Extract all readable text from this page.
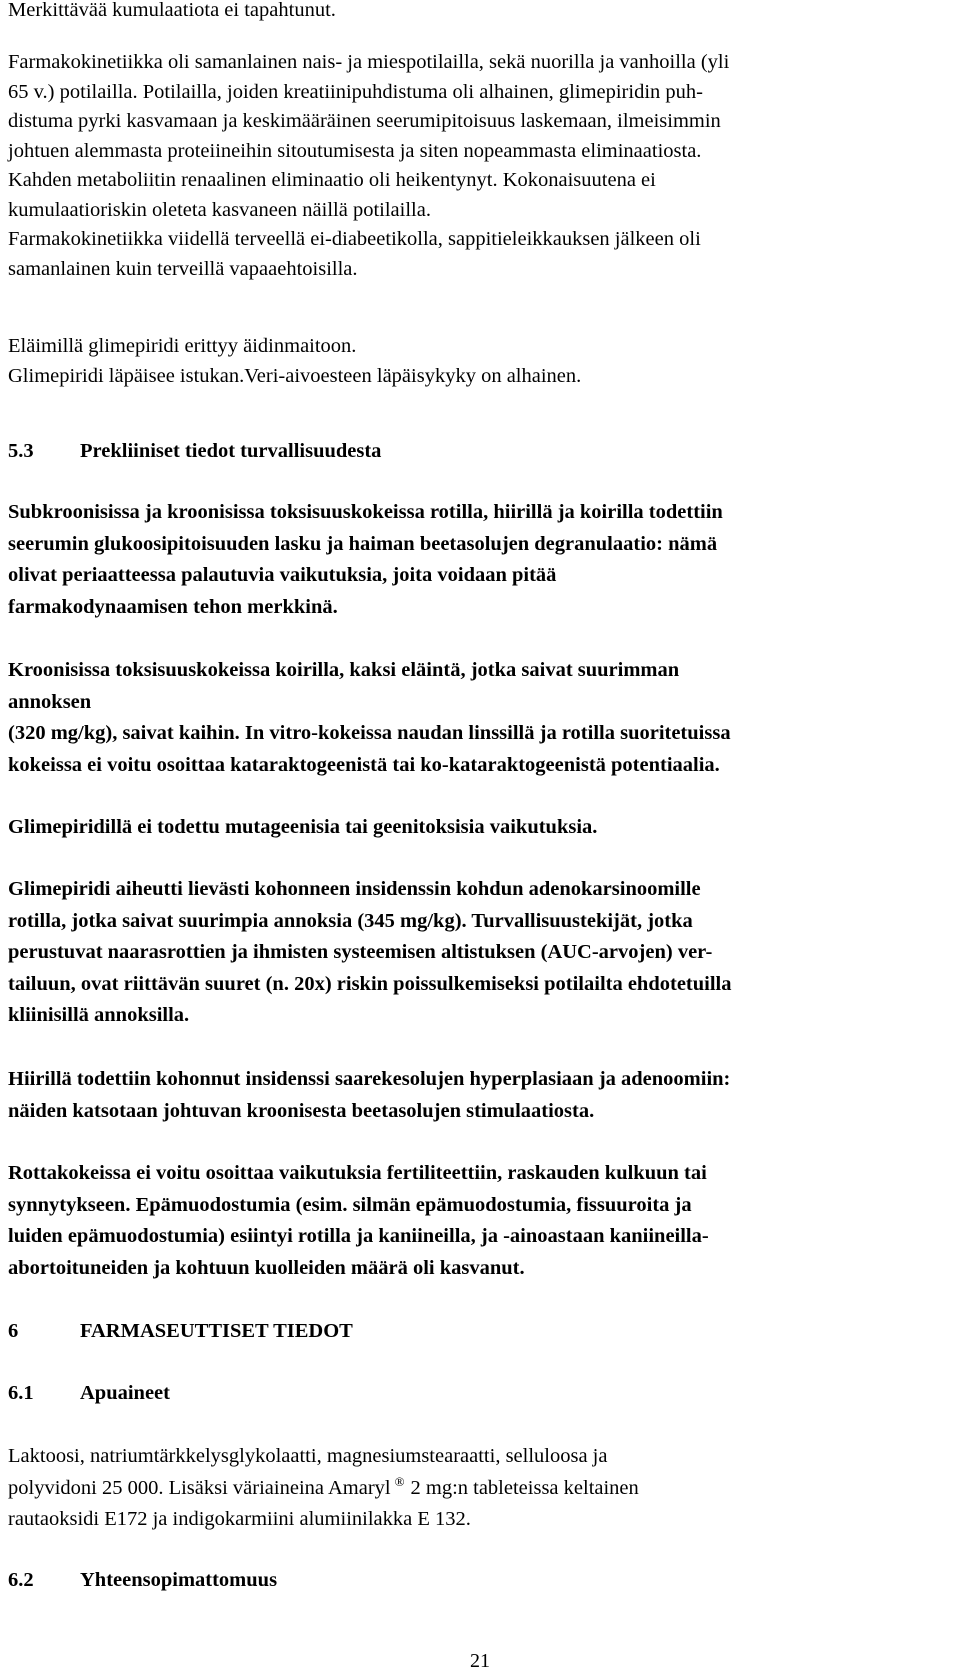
Merkittävää kumulaatiota ei tapahtunut.

Farmakokinetiikka oli samanlainen nais- ja miespotilailla, sekä nuorilla ja vanhoilla (yli

65 v.) potilailla. Potilailla, joiden kreatiinipuhdistuma oli alhainen, glimepiridin puh-

distuma pyrki kasvamaan ja keskimääräinen seerumipitoisuus laskemaan, ilmeisimmin

johtuen alemmasta proteiineihin sitoutumisesta ja siten nopeammasta eliminaatiosta.

Kahden metaboliitin renaalinen eliminaatio oli heikentynyt. Kokonaisuutena ei

kumulaatioriskin oleteta kasvaneen näillä potilailla.

Farmakokinetiikka viidellä terveellä ei-diabeetikolla, sappitieleikkauksen jälkeen oli

samanlainen kuin terveillä vapaaehtoisilla.

Eläimillä glimepiridi erittyy äidinmaitoon.

Glimepiridi läpäisee istukan.Veri-aivoesteen läpäisykyky on alhainen.

5.3 Prekliiniset tiedot turvallisuudesta

Subkroonisissa ja kroonisissa toksisuuskokeissa rotilla, hiirillä ja koirilla todettiin

seerumin glukoosipitoisuuden lasku ja haiman beetasolujen degranulaatio: nämä

olivat periaatteessa palautuvia vaikutuksia, joita voidaan pitää

farmakodynaamisen tehon merkkinä.

Kroonisissa toksisuuskokeissa koirilla, kaksi eläintä, jotka saivat suurimman

annoksen

(320 mg/kg), saivat kaihin. In vitro-kokeissa naudan linssillä ja rotilla suoritetuissa

kokeissa ei voitu osoittaa kataraktogeenistä tai ko-kataraktogeenistä potentiaalia.

Glimepiridillä ei todettu mutageenisia tai geenitoksisia vaikutuksia.

Glimepiridi aiheutti lievästi kohonneen insidenssin kohdun adenokarsinoomille

rotilla, jotka saivat suurimpia annoksia (345 mg/kg). Turvallisuustekijät, jotka

perustuvat naarasrottien ja ihmisten systeemisen altistuksen (AUC-arvojen) ver-

tailuun, ovat riittävän suuret (n. 20x) riskin poissulkemiseksi potilailta ehdotetuilla

kliinisillä annoksilla.

Hiirillä todettiin kohonnut insidenssi saarekesolujen hyperplasiaan ja adenoomiin:

näiden katsotaan johtuvan kroonisesta beetasolujen stimulaatiosta.

Rottakokeissa ei voitu osoittaa vaikutuksia fertiliteettiin, raskauden kulkuun tai

synnytykseen. Epämuodostumia (esim. silmän epämuodostumia, fissuuroita ja

luiden epämuodostumia) esiintyi rotilla ja kaniineilla, ja -ainoastaan kaniineilla-

abortoituneiden ja kohtuun kuolleiden määrä oli kasvanut.

6	FARMASEUTTISET TIEDOT
6.1 Apuaineet

Laktoosi, natriumtärkkelysglykolaatti, magnesiumstearaatti, selluloosa ja

polyvidoni 25 000. Lisäksi väriaineina Amaryl ® 2 mg:n tableteissa keltainen

rautaoksidi E172 ja indigokarmiini alumiinilakka E 132.

6.2 Yhteensopimattomuus
21
